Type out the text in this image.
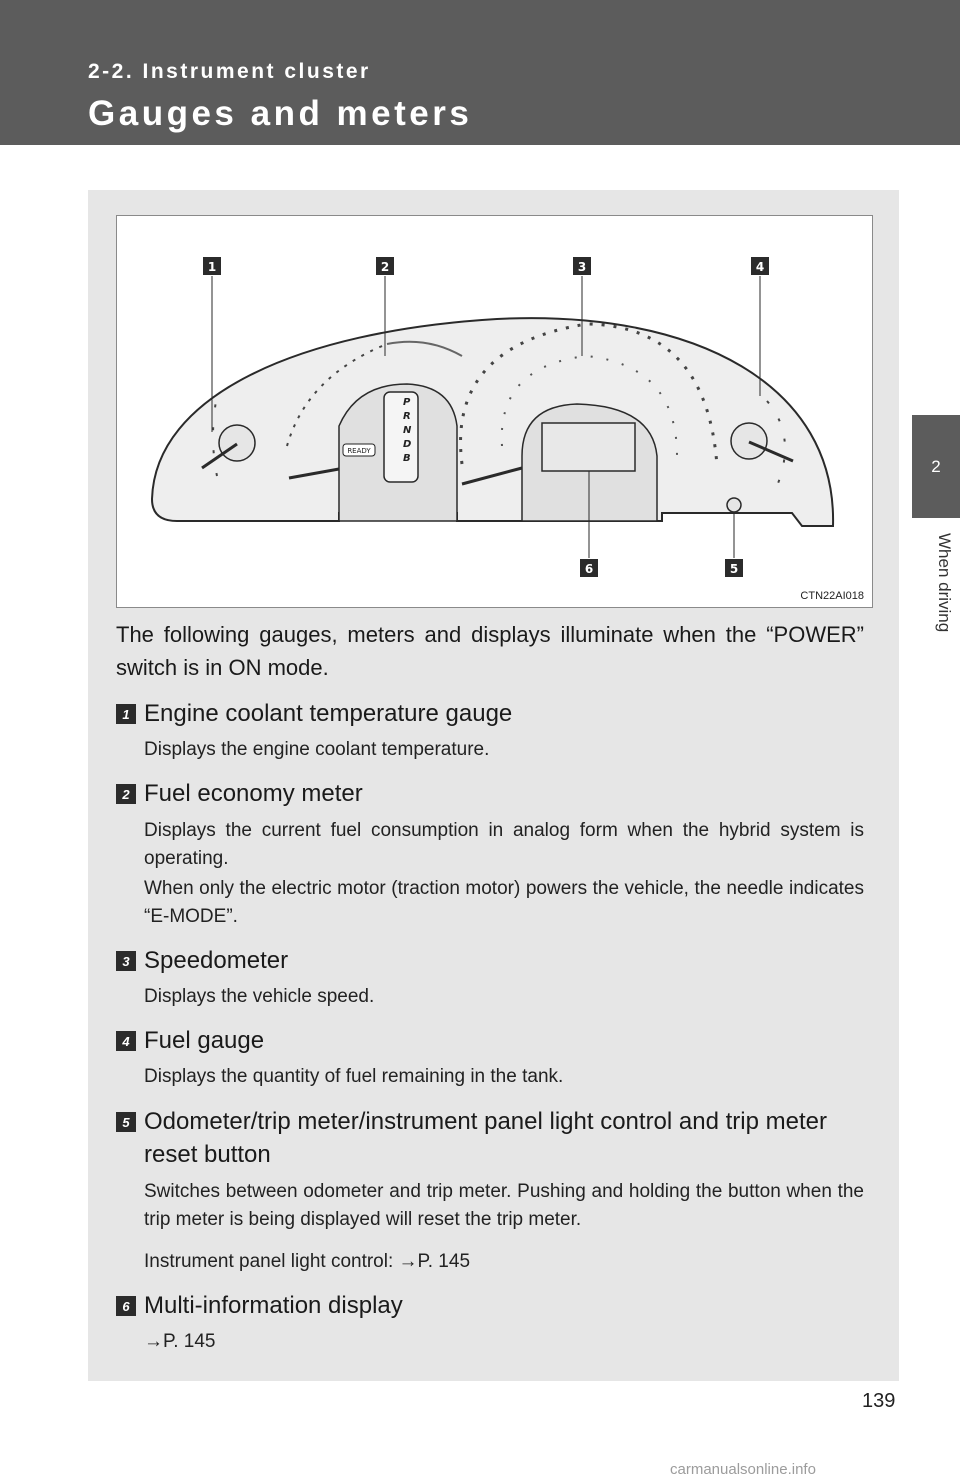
2-2. Instrument cluster
Gauges and meters
2
When driving
P
R
N
D
B
READY
1	2	3	4
5
6
CTN22AI018
The following gauges, meters and displays illuminate when the “POWER” switch is in ON mode.
1 Engine coolant temperature gauge
Displays the engine coolant temperature.
2 Fuel economy meter
Displays the current fuel consumption in analog form when the hybrid system is operating.
When only the electric motor (traction motor) powers the vehicle, the needle indicates “E-MODE”.
3 Speedometer
Displays the vehicle speed.
4 Fuel gauge
Displays the quantity of fuel remaining in the tank.
5 Odometer/trip meter/instrument panel light control and trip meter reset button
Switches between odometer and trip meter. Pushing and holding the button when the trip meter is being displayed will reset the trip meter.
Instrument panel light control: →P. 145
6 Multi-information display
→P. 145
139
carmanualsonline.info
